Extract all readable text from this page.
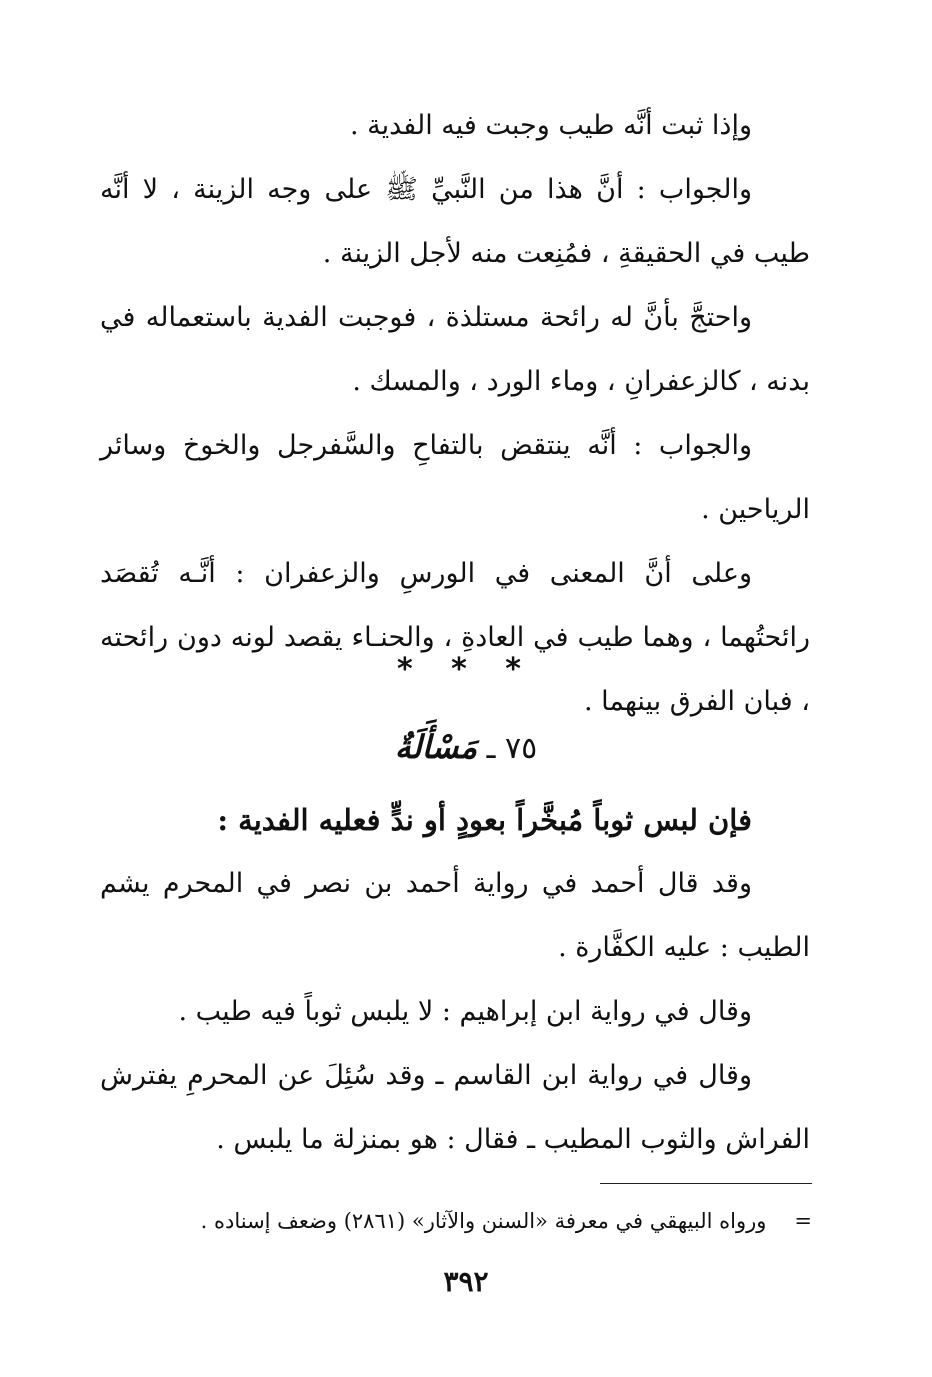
وإذا ثبت أنَّه طيب وجبت فيه الفدية .

والجواب : أنَّ هذا من النَّبيِّ ﷺ على وجه الزينة ، لا أنَّه طيب في الحقيقةِ ، فمُنِعت منه لأجل الزينة .

واحتجَّ بأنَّ له رائحة مستلذة ، فوجبت الفدية باستعماله في بدنه ، كالزعفرانِ ، وماء الورد ، والمسك .

والجواب : أنَّه ينتقض بالتفاحِ والسَّفرجل والخوخ وسائر الرياحين .

وعلى أنَّ المعنى في الورسِ والزعفران : أنَّـه تُقصَد رائحتُهما ، وهما طيب في العادةِ ، والحنـاء يقصد لونه دون رائحته ، فبان الفرق بينهما .

* * *
٧٥ ـ مَسْأَلَةٌ
فإن لبس ثوباً مُبخَّراً بعودٍ أو ندٍّ فعليه الفدية :

وقد قال أحمد في رواية أحمد بن نصر في المحرم يشم الطيب : عليه الكفَّارة .

وقال في رواية ابن إبراهيم : لا يلبس ثوباً فيه طيب .

وقال في رواية ابن القاسم ـ وقد سُئِلَ عن المحرمِ يفترش الفراش والثوب المطيب ـ فقال : هو بمنزلة ما يلبس .

=ورواه البيهقي في معرفة «السنن والآثار» (٢٨٦١) وضعف إسناده .
٣٩٢
